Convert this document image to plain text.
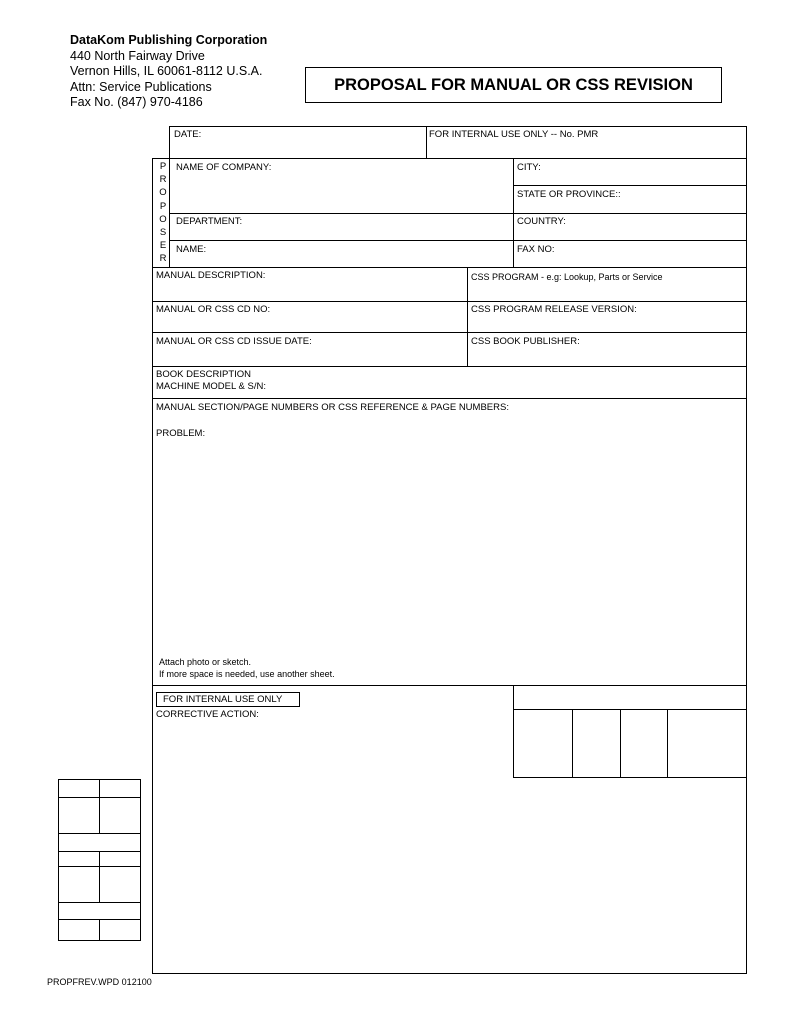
DataKom Publishing Corporation
440 North Fairway Drive
Vernon Hills, IL 60061-8112 U.S.A.
Attn: Service Publications
Fax No. (847) 970-4186
PROPOSAL FOR MANUAL OR CSS REVISION
P
R
O
P
O
S
E
R
DATE:	FOR INTERNAL USE ONLY -- No. PMR
NAME OF COMPANY:	CITY:
STATE OR PROVINCE::
DEPARTMENT:	COUNTRY:
NAME:	FAX NO:
MANUAL DESCRIPTION:	CSS PROGRAM - e.g: Lookup, Parts or Service
MANUAL OR CSS CD NO:	CSS PROGRAM RELEASE VERSION:
MANUAL OR CSS CD ISSUE DATE:	CSS BOOK PUBLISHER:
BOOK DESCRIPTION
MACHINE MODEL & S/N:
MANUAL SECTION/PAGE NUMBERS OR CSS REFERENCE & PAGE NUMBERS:
PROBLEM:
Attach photo or sketch.
If more space is needed, use another sheet.
FOR INTERNAL USE ONLY
CORRECTIVE ACTION:
PROPFREV.WPD 012100
